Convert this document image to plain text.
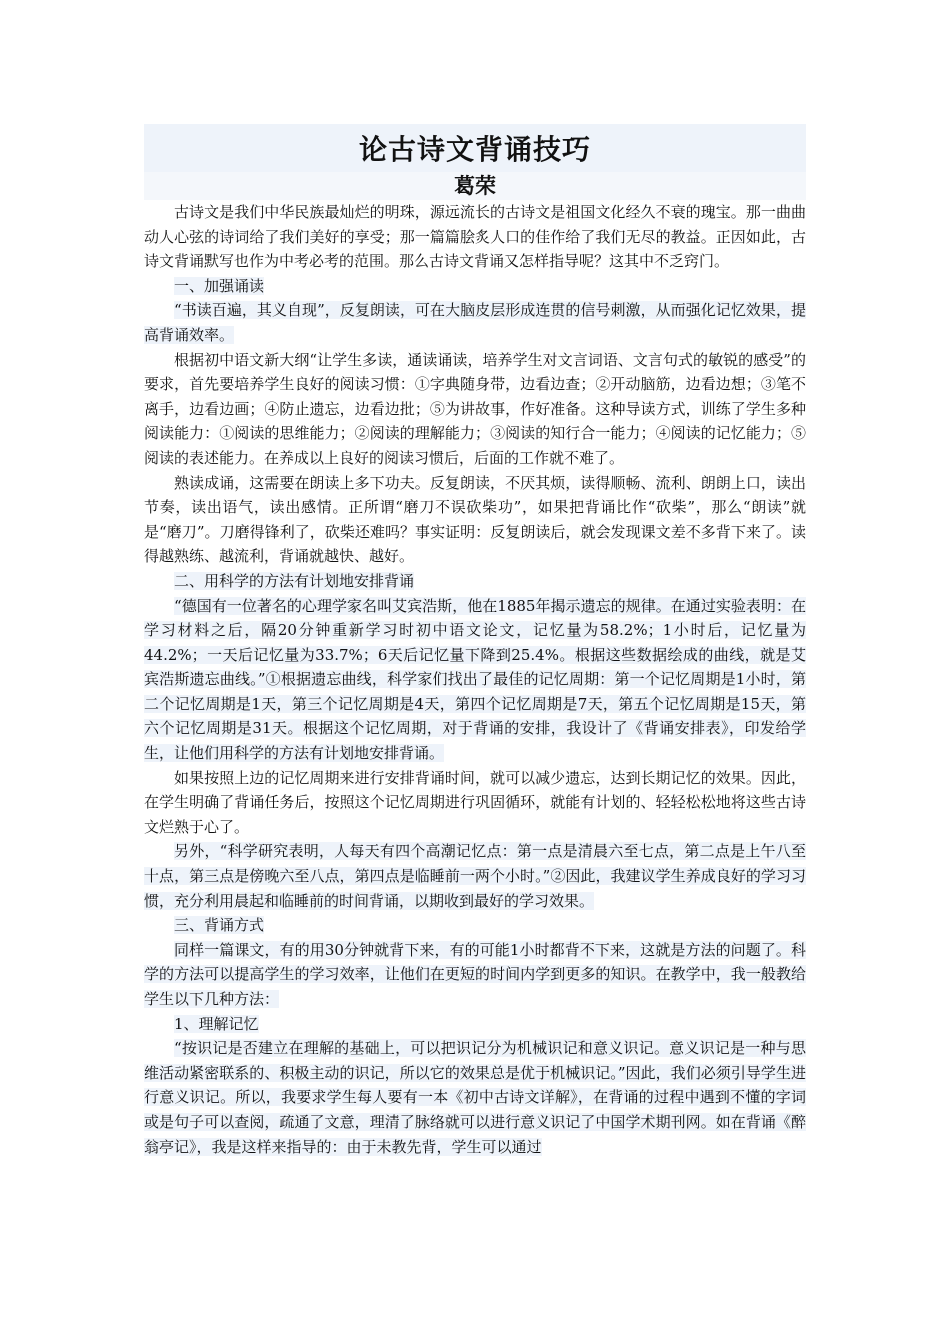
论古诗文背诵技巧
葛荣

古诗文是我们中华民族最灿烂的明珠，源远流长的古诗文是祖国文化经久不衰的瑰宝。那一曲曲动人心弦的诗词给了我们美好的享受；那一篇篇脍炙人口的佳作给了我们无尽的教益。正因如此，古诗文背诵默写也作为中考必考的范围。那么古诗文背诵又怎样指导呢？这其中不乏窍门。

一、加强诵读

“书读百遍，其义自现”，反复朗读，可在大脑皮层形成连贯的信号刺激，从而强化记忆效果，提高背诵效率。

根据初中语文新大纲“让学生多读，通读诵读，培养学生对文言词语、文言句式的敏锐的感受”的要求，首先要培养学生良好的阅读习惯：①字典随身带，边看边查；②开动脑筋，边看边想；③笔不离手，边看边画；④防止遗忘，边看边批；⑤为讲故事，作好准备。这种导读方式，训练了学生多种阅读能力：①阅读的思维能力；②阅读的理解能力；③阅读的知行合一能力；④阅读的记忆能力；⑤阅读的表述能力。在养成以上良好的阅读习惯后，后面的工作就不难了。

熟读成诵，这需要在朗读上多下功夫。反复朗读，不厌其烦，读得顺畅、流利、朗朗上口，读出节奏，读出语气，读出感情。正所谓“磨刀不误砍柴功”，如果把背诵比作“砍柴”，那么“朗读”就是“磨刀”。刀磨得锋利了，砍柴还难吗？事实证明：反复朗读后，就会发现课文差不多背下来了。读得越熟练、越流利，背诵就越快、越好。

二、用科学的方法有计划地安排背诵

“德国有一位著名的心理学家名叫艾宾浩斯，他在1885年揭示遗忘的规律。在通过实验表明：在学习材料之后，隔20分钟重新学习时初中语文论文，记忆量为58.2%；1小时后，记忆量为44.2%；一天后记忆量为33.7%；6天后记忆量下降到25.4%。根据这些数据绘成的曲线，就是艾宾浩斯遗忘曲线。”①根据遗忘曲线，科学家们找出了最佳的记忆周期：第一个记忆周期是1小时，第二个记忆周期是1天，第三个记忆周期是4天，第四个记忆周期是7天，第五个记忆周期是15天，第六个记忆周期是31天。根据这个记忆周期，对于背诵的安排，我设计了《背诵安排表》，印发给学生，让他们用科学的方法有计划地安排背诵。

如果按照上边的记忆周期来进行安排背诵时间，就可以减少遗忘，达到长期记忆的效果。因此，在学生明确了背诵任务后，按照这个记忆周期进行巩固循环，就能有计划的、轻轻松松地将这些古诗文烂熟于心了。

另外，“科学研究表明，人每天有四个高潮记忆点：第一点是清晨六至七点，第二点是上午八至十点，第三点是傍晚六至八点，第四点是临睡前一两个小时。”②因此，我建议学生养成良好的学习习惯，充分利用晨起和临睡前的时间背诵，以期收到最好的学习效果。

三、背诵方式

同样一篇课文，有的用30分钟就背下来，有的可能1小时都背不下来，这就是方法的问题了。科学的方法可以提高学生的学习效率，让他们在更短的时间内学到更多的知识。在教学中，我一般教给学生以下几种方法：

1、理解记忆

“按识记是否建立在理解的基础上，可以把识记分为机械识记和意义识记。意义识记是一种与思维活动紧密联系的、积极主动的识记，所以它的效果总是优于机械识记。”因此，我们必须引导学生进行意义识记。所以，我要求学生每人要有一本《初中古诗文详解》，在背诵的过程中遇到不懂的字词或是句子可以查阅，疏通了文意，理清了脉络就可以进行意义识记了中国学术期刊网。如在背诵《醉翁亭记》，我是这样来指导的：由于未教先背，学生可以通过
